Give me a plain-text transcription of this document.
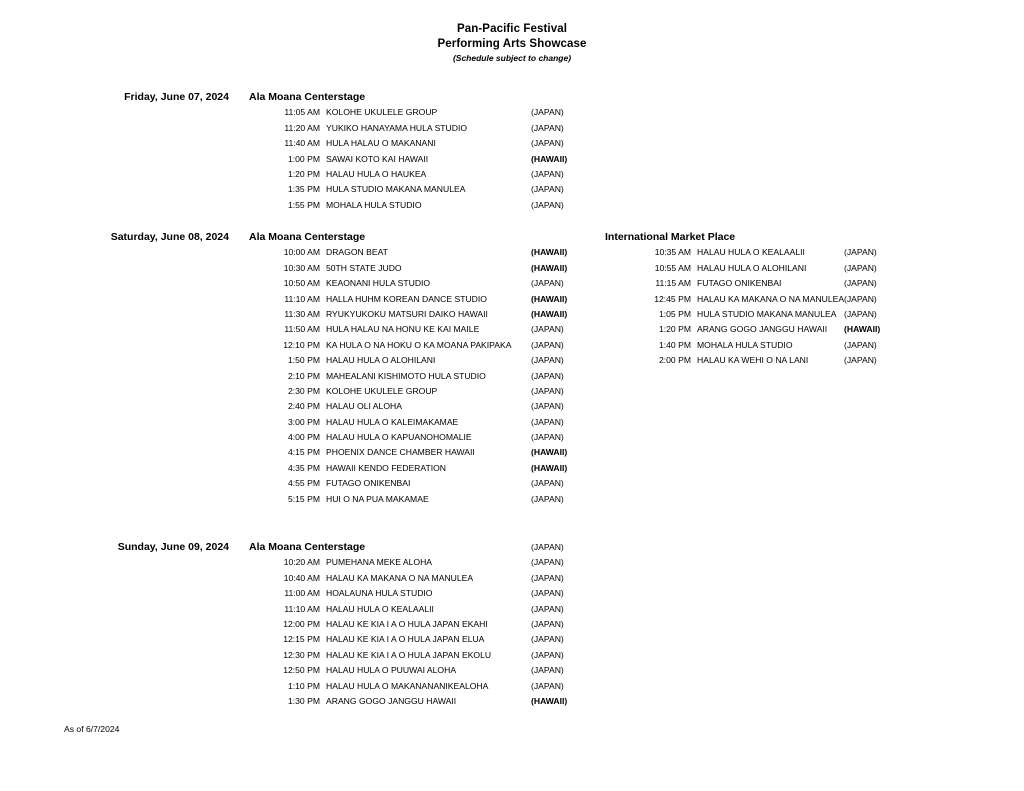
Pan-Pacific Festival
Performing Arts Showcase
(Schedule subject to change)
Friday, June 07, 2024 Ala Moana Centerstage
11:05 AM KOLOHE UKULELE GROUP	(JAPAN)
11:20 AM YUKIKO HANAYAMA HULA STUDIO	(JAPAN)
11:40 AM HULA HALAU O MAKANANI	(JAPAN)
1:00 PM SAWAI KOTO KAI HAWAII	(HAWAII)
1:20 PM HALAU HULA O HAUKEA	(JAPAN)
1:35 PM HULA STUDIO MAKANA MANULEA	(JAPAN)
1:55 PM MOHALA HULA STUDIO	(JAPAN)
Saturday, June 08, 2024 Ala Moana Centerstage
10:00 AM DRAGON BEAT	(HAWAII)
10:30 AM 50TH STATE JUDO	(HAWAII)
10:50 AM KEAONANI HULA STUDIO	(JAPAN)
11:10 AM HALLA HUHM KOREAN DANCE STUDIO	(HAWAII)
11:30 AM RYUKYUKOKU MATSURI DAIKO HAWAII	(HAWAII)
11:50 AM HULA HALAU NA HONU KE KAI MAILE	(JAPAN)
12:10 PM KA HULA O NA HOKU O KA MOANA PAKIPAKA (JAPAN)
1:50 PM HALAU HULA O ALOHILANI	(JAPAN)
2:10 PM MAHEALANI KISHIMOTO HULA STUDIO	(JAPAN)
2:30 PM KOLOHE UKULELE GROUP	(JAPAN)
2:40 PM HALAU OLI ALOHA	(JAPAN)
3:00 PM HALAU HULA O KALEIMAKAMAE	(JAPAN)
4:00 PM HALAU HULA O KAPUANOHOMALIE	(JAPAN)
4:15 PM PHOENIX DANCE CHAMBER HAWAII	(HAWAII)
4:35 PM HAWAII KENDO FEDERATION	(HAWAII)
4:55 PM FUTAGO ONIKENBAI	(JAPAN)
5:15 PM HUI O NA PUA MAKAMAE	(JAPAN)
International Market Place
10:35 AM HALAU HULA O KEALAALII	(JAPAN)
10:55 AM HALAU HULA O ALOHILANI	(JAPAN)
11:15 AM FUTAGO ONIKENBAI	(JAPAN)
12:45 PM HALAU KA MAKANA O NA MANULEA (JAPAN)
1:05 PM HULA STUDIO MAKANA MANULEA (JAPAN)
1:20 PM ARANG GOGO JANGGU HAWAII (HAWAII)
1:40 PM MOHALA HULA STUDIO	(JAPAN)
2:00 PM HALAU KA WEHI O NA LANI	(JAPAN)
Sunday, June 09, 2024 Ala Moana Centerstage	(JAPAN)
10:20 AM PUMEHANA MEKE ALOHA	(JAPAN)
10:40 AM HALAU KA MAKANA O NA MANULEA	(JAPAN)
11:00 AM HOALAUNA HULA STUDIO	(JAPAN)
11:10 AM HALAU HULA O KEALAALII	(JAPAN)
12:00 PM HALAU KE KIA I A O HULA JAPAN EKAHI	(JAPAN)
12:15 PM HALAU KE KIA I A O HULA JAPAN ELUA	(JAPAN)
12:30 PM HALAU KE KIA I A O HULA JAPAN EKOLU	(JAPAN)
12:50 PM HALAU HULA O PUUWAI ALOHA	(JAPAN)
1:10 PM HALAU HULA O MAKANANANIKEALOHA	(JAPAN)
1:30 PM ARANG GOGO JANGGU HAWAII	(HAWAII)
As of 6/7/2024
